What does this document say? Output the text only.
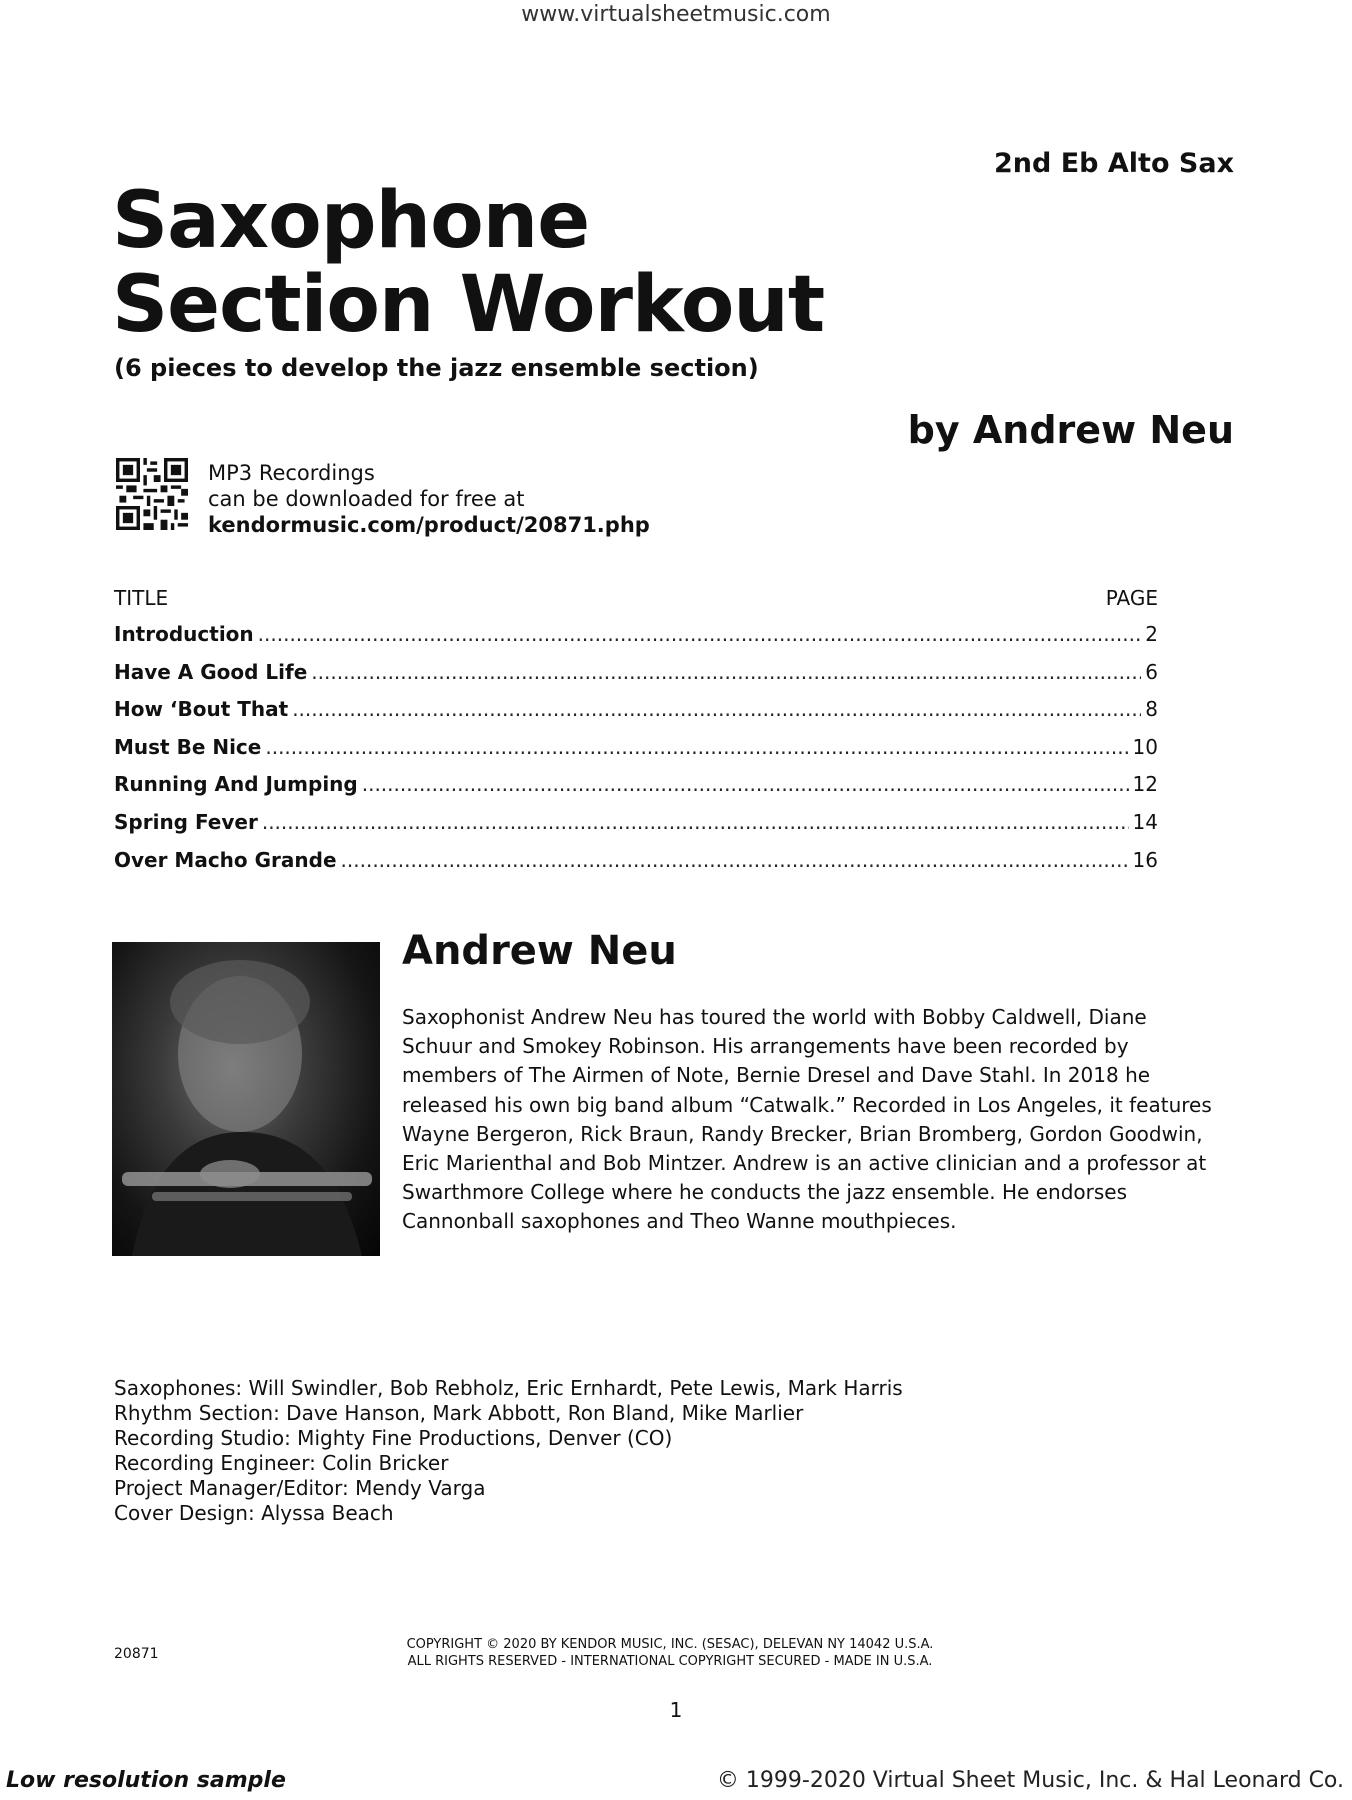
www.virtualsheetmusic.com
2nd Eb Alto Sax
Saxophone
Section Workout
(6 pieces to develop the jazz ensemble section)
by Andrew Neu
MP3 Recordings
can be downloaded for free at
kendormusic.com/product/20871.php
TITLE	PAGE
Introduction .....	2
Have A Good Life .....	6
How ‘Bout That .....	8
Must Be Nice .....	10
Running And Jumping .....	12
Spring Fever .....	14
Over Macho Grande .....	16
Andrew Neu

Saxophonist Andrew Neu has toured the world with Bobby Caldwell, Diane Schuur and Smokey Robinson. His arrangements have been recorded by members of The Airmen of Note, Bernie Dresel and Dave Stahl. In 2018 he released his own big band album “Catwalk.” Recorded in Los Angeles, it features Wayne Bergeron, Rick Braun, Randy Brecker, Brian Bromberg, Gordon Goodwin, Eric Marienthal and Bob Mintzer. Andrew is an active clinician and a professor at Swarthmore College where he conducts the jazz ensemble. He endorses Cannonball saxophones and Theo Wanne mouthpieces.

Saxophones: Will Swindler, Bob Rebholz, Eric Ernhardt, Pete Lewis, Mark Harris
Rhythm Section: Dave Hanson, Mark Abbott, Ron Bland, Mike Marlier
Recording Studio: Mighty Fine Productions, Denver (CO)
Recording Engineer: Colin Bricker
Project Manager/Editor: Mendy Varga
Cover Design: Alyssa Beach
20871
COPYRIGHT © 2020 BY KENDOR MUSIC, INC. (SESAC), DELEVAN NY 14042 U.S.A.
ALL RIGHTS RESERVED - INTERNATIONAL COPYRIGHT SECURED - MADE IN U.S.A.
1
Low resolution sample	© 1999-2020 Virtual Sheet Music, Inc. & Hal Leonard Co.
